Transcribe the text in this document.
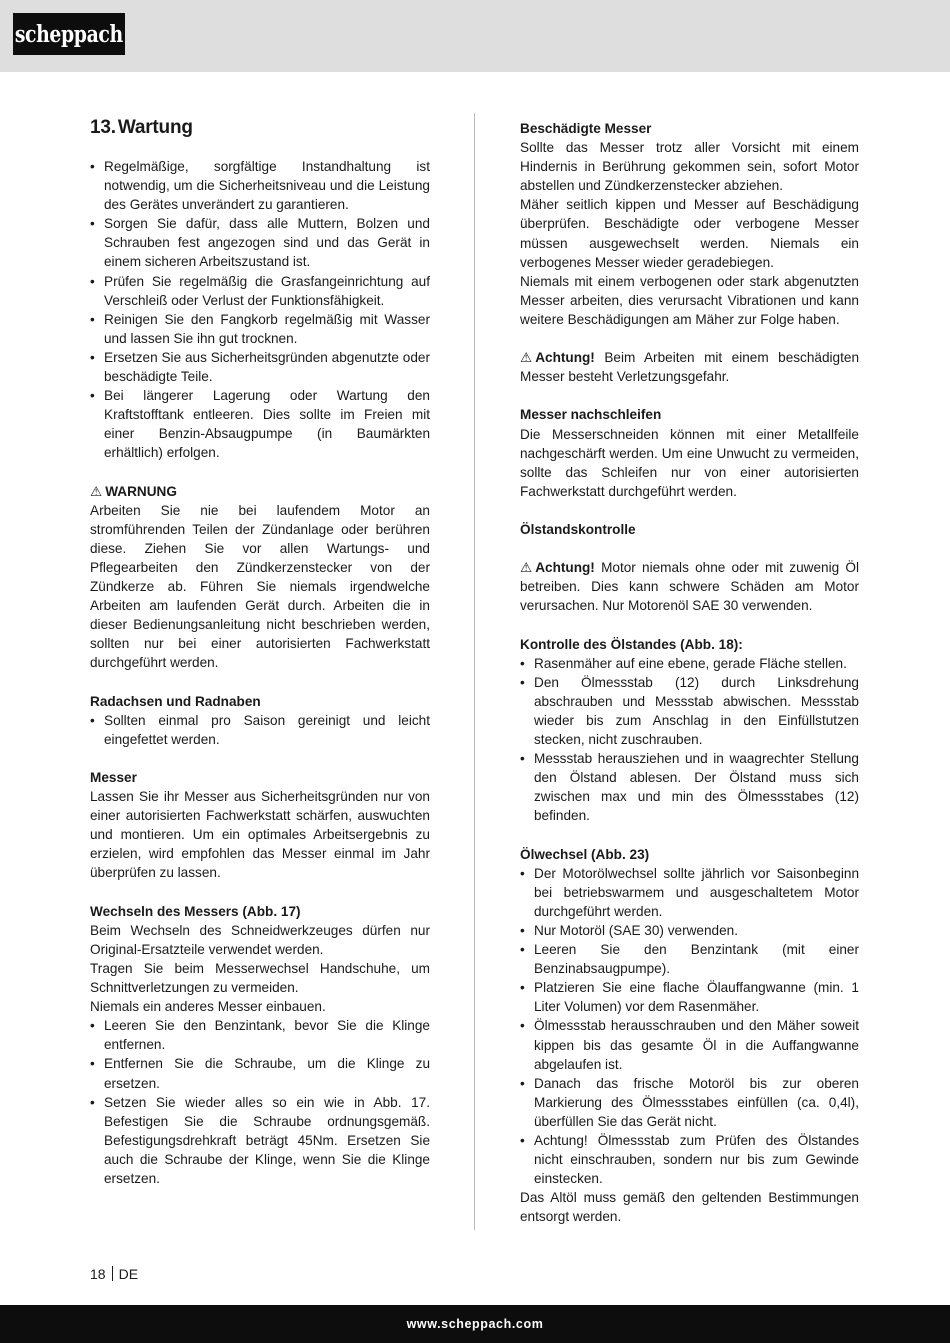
scheppach
13. Wartung
• Regelmäßige, sorgfältige Instandhaltung ist notwendig, um die Sicherheitsniveau und die Leistung des Gerätes unverändert zu garantieren.
• Sorgen Sie dafür, dass alle Muttern, Bolzen und Schrauben fest angezogen sind und das Gerät in einem sicheren Arbeitszustand ist.
• Prüfen Sie regelmäßig die Grasfangeinrichtung auf Verschleiß oder Verlust der Funktionsfähigkeit.
• Reinigen Sie den Fangkorb regelmäßig mit Wasser und lassen Sie ihn gut trocknen.
• Ersetzen Sie aus Sicherheitsgründen abgenutzte oder beschädigte Teile.
• Bei längerer Lagerung oder Wartung den Kraftstofftank entleeren. Dies sollte im Freien mit einer Benzin-Absaugpumpe (in Baumärkten erhältlich) erfolgen.
⚠ WARNUNG
Arbeiten Sie nie bei laufendem Motor an stromführenden Teilen der Zündanlage oder berühren diese. Ziehen Sie vor allen Wartungs- und Pflegearbeiten den Zündkerzenstecker von der Zündkerze ab. Führen Sie niemals irgendwelche Arbeiten am laufenden Gerät durch. Arbeiten die in dieser Bedienungsanleitung nicht beschrieben werden, sollten nur bei einer autorisierten Fachwerkstatt durchgeführt werden.
Radachsen und Radnaben
• Sollten einmal pro Saison gereinigt und leicht eingefettet werden.
Messer
Lassen Sie ihr Messer aus Sicherheitsgründen nur von einer autorisierten Fachwerkstatt schärfen, auswuchten und montieren. Um ein optimales Arbeitsergebnis zu erzielen, wird empfohlen das Messer einmal im Jahr überprüfen zu lassen.
Wechseln des Messers (Abb. 17)
Beim Wechseln des Schneidwerkzeuges dürfen nur Original-Ersatzteile verwendet werden.
Tragen Sie beim Messerwechsel Handschuhe, um Schnittverletzungen zu vermeiden.
Niemals ein anderes Messer einbauen.
• Leeren Sie den Benzintank, bevor Sie die Klinge entfernen.
• Entfernen Sie die Schraube, um die Klinge zu ersetzen.
• Setzen Sie wieder alles so ein wie in Abb. 17. Befestigen Sie die Schraube ordnungsgemäß. Befestigungsdrehkraft beträgt 45Nm. Ersetzen Sie auch die Schraube der Klinge, wenn Sie die Klinge ersetzen.
Beschädigte Messer
Sollte das Messer trotz aller Vorsicht mit einem Hindernis in Berührung gekommen sein, sofort Motor abstellen und Zündkerzenstecker abziehen.
Mäher seitlich kippen und Messer auf Beschädigung überprüfen. Beschädigte oder verbogene Messer müssen ausgewechselt werden. Niemals ein verbogenes Messer wieder geradebiegen.
Niemals mit einem verbogenen oder stark abgenutzten Messer arbeiten, dies verursacht Vibrationen und kann weitere Beschädigungen am Mäher zur Folge haben.
⚠ Achtung! Beim Arbeiten mit einem beschädigten Messer besteht Verletzungsgefahr.
Messer nachschleifen
Die Messerschneiden können mit einer Metallfeile nachgeschärft werden. Um eine Unwucht zu vermeiden, sollte das Schleifen nur von einer autorisierten Fachwerkstatt durchgeführt werden.
Ölstandskontrolle
⚠ Achtung! Motor niemals ohne oder mit zuwenig Öl betreiben. Dies kann schwere Schäden am Motor verursachen. Nur Motorenöl SAE 30 verwenden.
Kontrolle des Ölstandes (Abb. 18):
• Rasenmäher auf eine ebene, gerade Fläche stellen.
• Den Ölmessstab (12) durch Linksdrehung abschrauben und Messstab abwischen. Messstab wieder bis zum Anschlag in den Einfüllstutzen stecken, nicht zuschrauben.
• Messstab herausziehen und in waagrechter Stellung den Ölstand ablesen. Der Ölstand muss sich zwischen max und min des Ölmessstabes (12) befinden.
Ölwechsel (Abb. 23)
• Der Motorölwechsel sollte jährlich vor Saisonbeginn bei betriebswarmem und ausgeschaltetem Motor durchgeführt werden.
• Nur Motoröl (SAE 30) verwenden.
• Leeren Sie den Benzintank (mit einer Benzinabsaugpumpe).
• Platzieren Sie eine flache Ölauffangwanne (min. 1 Liter Volumen) vor dem Rasenmäher.
• Ölmessstab herausschrauben und den Mäher soweit kippen bis das gesamte Öl in die Auffangwanne abgelaufen ist.
• Danach das frische Motoröl bis zur oberen Markierung des Ölmessstabes einfüllen (ca. 0,4l), überfüllen Sie das Gerät nicht.
• Achtung! Ölmessstab zum Prüfen des Ölstandes nicht einschrauben, sondern nur bis zum Gewinde einstecken.
Das Altöl muss gemäß den geltenden Bestimmungen entsorgt werden.
18 DE
www.scheppach.com
